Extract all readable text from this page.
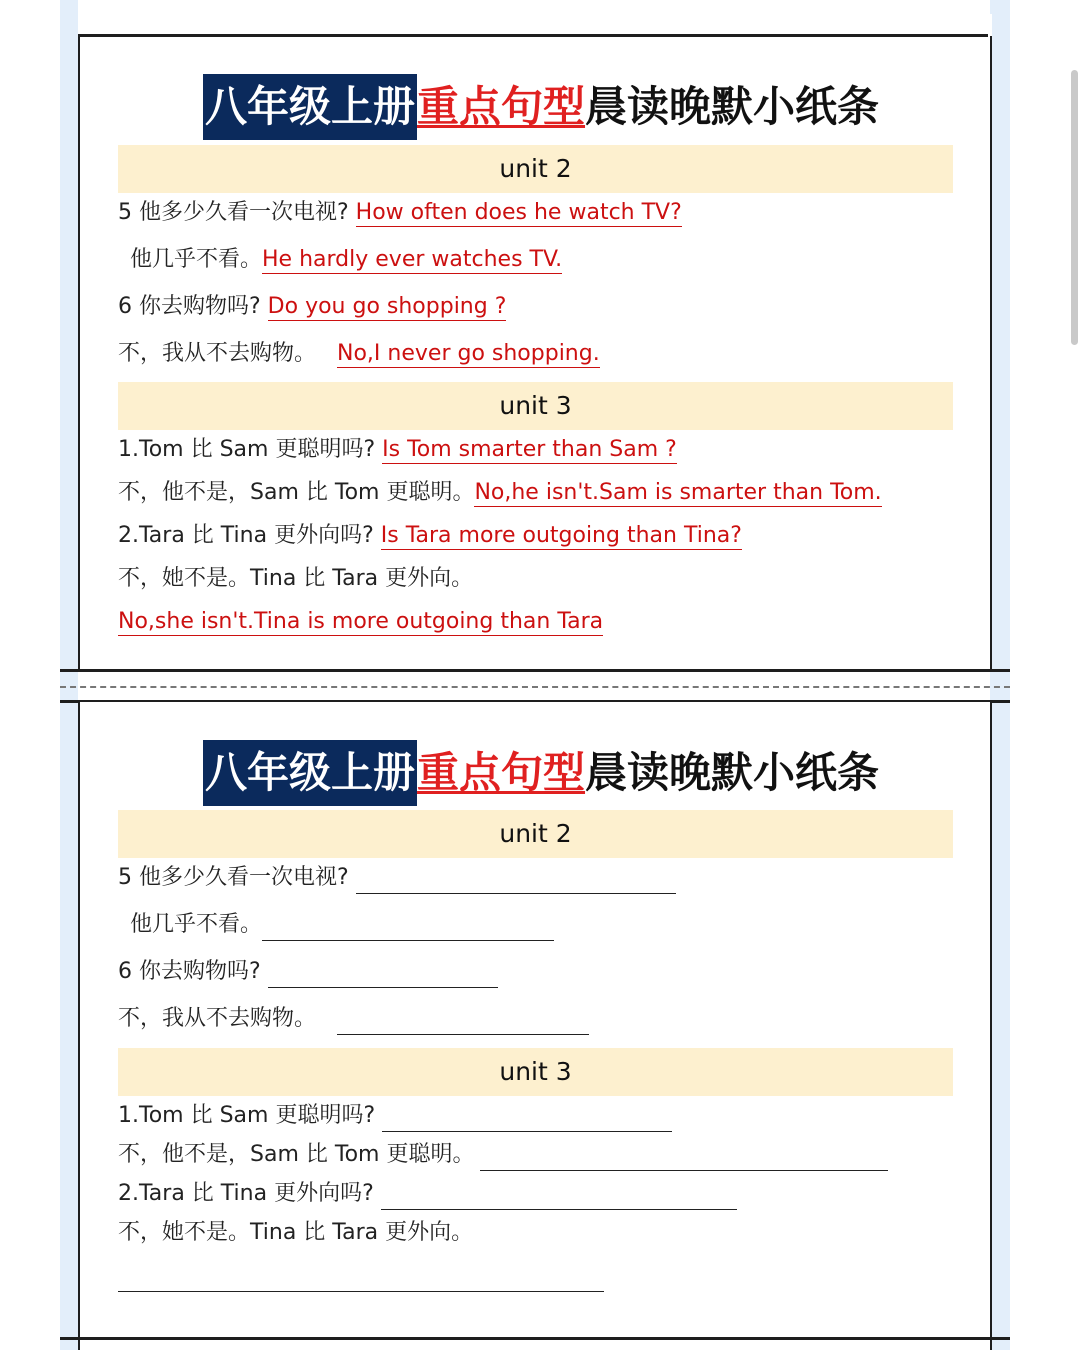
八年级上册重点句型晨读晚默小纸条
unit 2
5 他多少久看一次电视? How often does he watch TV?
他几乎不看。He hardly ever watches TV.
6 你去购物吗? Do you go shopping ?
不，我从不去购物。 No,I never go shopping.
unit 3
1.Tom 比 Sam 更聪明吗? Is Tom smarter than Sam ?
不，他不是，Sam 比 Tom 更聪明。No,he isn't.Sam is smarter than Tom.
2.Tara 比 Tina 更外向吗? Is Tara more outgoing than Tina?
不，她不是。Tina 比 Tara 更外向。
No,she isn't.Tina is more outgoing than Tara
八年级上册重点句型晨读晚默小纸条
unit 2
5 他多少久看一次电视?
他几乎不看。
6 你去购物吗?
不，我从不去购物。
unit 3
1.Tom 比 Sam 更聪明吗?
不，他不是，Sam 比 Tom 更聪明。
2.Tara 比 Tina 更外向吗?
不，她不是。Tina 比 Tara 更外向。
